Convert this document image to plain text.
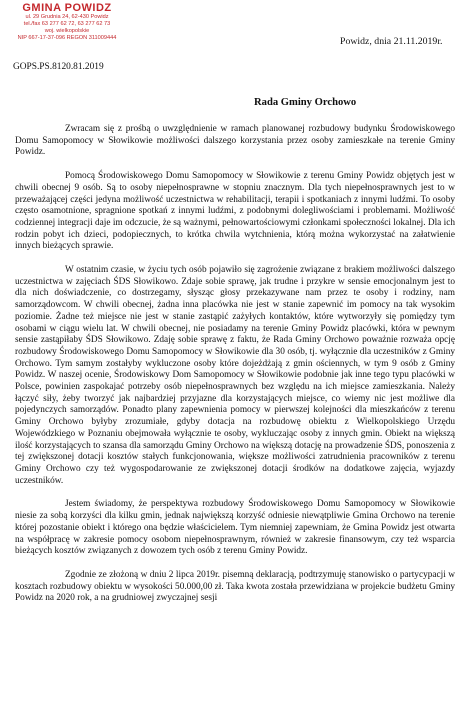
GMINA POWIDZ
ul. 29 Grudnia 24, 62-430 Powidz
tel./fax 63 277 62 72, 63 277 62 73
woj. wielkopolskie
NIP 667-17-37-096 REGON 311009444	Powidz, dnia 21.11.2019r.
GOPS.PS.8120.81.2019
Rada Gminy Orchowo

Zwracam się z prośbą o uwzględnienie w ramach planowanej rozbudowy budynku Środowiskowego Domu Samopomocy w Słowikowie możliwości dalszego korzystania przez osoby zamieszkałe na terenie Gminy Powidz.

Pomocą Środowiskowego Domu Samopomocy w Słowikowie z terenu Gminy Powidz objętych jest w chwili obecnej 9 osób. Są to osoby niepełnosprawne w stopniu znacznym. Dla tych niepełnosprawnych jest to w przeważającej części jedyna możliwość uczestnictwa w rehabilitacji, terapii i spotkaniach z innymi ludźmi. To osoby często osamotnione, spragnione spotkań z innymi ludźmi, z podobnymi dolegliwościami i problemami. Możliwość codziennej integracji daje im odczucie, że są ważnymi, pełnowartościowymi członkami społeczności lokalnej. Dla ich rodzin pobyt ich dzieci, podopiecznych, to krótka chwila wytchnienia, którą można wykorzystać na załatwienie innych bieżących sprawie.

W ostatnim czasie, w życiu tych osób pojawiło się zagrożenie związane z brakiem możliwości dalszego uczestnictwa w zajęciach ŚDS Słowikowo. Zdaje sobie sprawę, jak trudne i przykre w sensie emocjonalnym jest to dla nich doświadczenie, co dostrzegamy, słysząc głosy przekazywane nam przez te osoby i rodziny, nam samorządowcom. W chwili obecnej, żadna inna placówka nie jest w stanie zapewnić im pomocy na tak wysokim poziomie. Żadne też miejsce nie jest w stanie zastąpić zażyłych kontaktów, które wytworzyły się pomiędzy tym osobami w ciągu wielu lat. W chwili obecnej, nie posiadamy na terenie Gminy Powidz placówki, która w pewnym sensie zastąpiłaby ŚDS Słowikowo. Zdaję sobie sprawę z faktu, że Rada Gminy Orchowo poważnie rozważa opcję rozbudowy Środowiskowego Domu Samopomocy w Słowikowie dla 30 osób, tj. wyłącznie dla uczestników z Gminy Orchowo. Tym samym zostałyby wykluczone osoby które dojeżdżają z gmin ościennych, w tym 9 osób z Gminy Powidz. W naszej ocenie, Środowiskowy Dom Samopomocy w Słowikowie podobnie jak inne tego typu placówki w Polsce, powinien zaspokajać potrzeby osób niepełnosprawnych bez względu na ich miejsce zamieszkania. Należy łączyć siły, żeby tworzyć jak najbardziej przyjazne dla korzystających miejsce, co wiemy nic jest możliwe dla pojedynczych samorządów. Ponadto plany zapewnienia pomocy w pierwszej kolejności dla mieszkańców z terenu Gminy Orchowo byłyby zrozumiałe, gdyby dotacja na rozbudowę obiektu z Wielkopolskiego Urzędu Wojewódzkiego w Poznaniu obejmowała wyłącznie te osoby, wykluczając osoby z innych gmin. Obiekt na większą ilość korzystających to szansa dla samorządu Gminy Orchowo na większą dotację na prowadzenie ŚDS, ponoszenia z tej zwiększonej dotacji kosztów stałych funkcjonowania, większe możliwości zatrudnienia pracowników z terenu Gminy Orchowo czy też wygospodarowanie ze zwiększonej dotacji środków na dodatkowe zajęcia, wyjazdy uczestników.

Jestem świadomy, że perspektywa rozbudowy Środowiskowego Domu Samopomocy w Słowikowie niesie za sobą korzyści dla kilku gmin, jednak największą korzyść odniesie niewątpliwie Gmina Orchowo na terenie której pozostanie obiekt i którego ona będzie właścicielem. Tym niemniej zapewniam, że Gmina Powidz jest otwarta na współpracę w zakresie pomocy osobom niepełnosprawnym, również w zakresie finansowym, czy też wsparcia bieżących kosztów związanych z dowozem tych osób z terenu Gminy Powidz.

Zgodnie ze złożoną w dniu 2 lipca 2019r. pisemną deklaracją, podtrzymuję stanowisko o partycypacji w kosztach rozbudowy obiektu w wysokości 50.000,00 zł. Taka kwota została przewidziana w projekcie budżetu Gminy Powidz na 2020 rok, a na grudniowej zwyczajnej sesji
